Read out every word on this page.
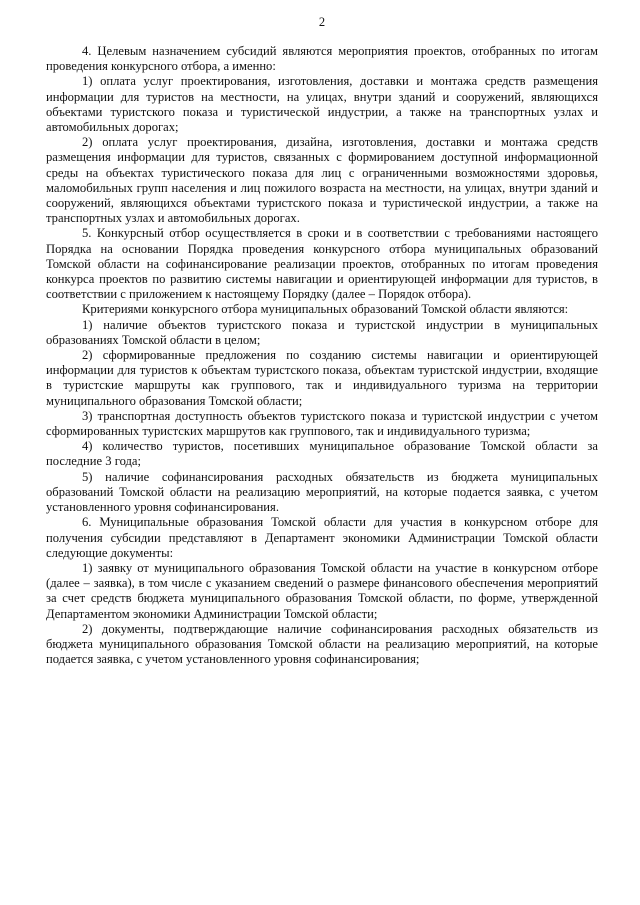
2

4. Целевым назначением субсидий являются мероприятия проектов, отобранных по итогам проведения конкурсного отбора, а именно:

1) оплата услуг проектирования, изготовления, доставки и монтажа средств размещения информации для туристов на местности, на улицах, внутри зданий и сооружений, являющихся объектами туристского показа и туристической индустрии, а также на транспортных узлах и автомобильных дорогах;

2) оплата услуг проектирования, дизайна, изготовления, доставки и монтажа средств размещения информации для туристов, связанных с формированием доступной информационной среды на объектах туристического показа для лиц с ограниченными возможностями здоровья, маломобильных групп населения и лиц пожилого возраста на местности, на улицах, внутри зданий и сооружений, являющихся объектами туристского показа и туристической индустрии, а также на транспортных узлах и автомобильных дорогах.

5. Конкурсный отбор осуществляется в сроки и в соответствии с требованиями настоящего Порядка на основании Порядка проведения конкурсного отбора муниципальных образований Томской области на софинансирование реализации проектов, отобранных по итогам проведения конкурса проектов по развитию системы навигации и ориентирующей информации для туристов, в соответствии с приложением к настоящему Порядку (далее – Порядок отбора).

Критериями конкурсного отбора муниципальных образований Томской области являются:

1) наличие объектов туристского показа и туристской индустрии в муниципальных образованиях Томской области в целом;

2) сформированные предложения по созданию системы навигации и ориентирующей информации для туристов к объектам туристского показа, объектам туристской индустрии, входящие в туристские маршруты как группового, так и индивидуального туризма на территории муниципального образования Томской области;

3) транспортная доступность объектов туристского показа и туристской индустрии с учетом сформированных туристских маршрутов как группового, так и индивидуального туризма;

4) количество туристов, посетивших муниципальное образование Томской области за последние 3 года;

5) наличие софинансирования расходных обязательств из бюджета муниципальных образований Томской области на реализацию мероприятий, на которые подается заявка, с учетом установленного уровня софинансирования.

6. Муниципальные образования Томской области для участия в конкурсном отборе для получения субсидии представляют в Департамент экономики Администрации Томской области следующие документы:

1) заявку от муниципального образования Томской области на участие в конкурсном отборе (далее – заявка), в том числе с указанием сведений о размере финансового обеспечения мероприятий за счет средств бюджета муниципального образования Томской области, по форме, утвержденной Департаментом экономики Администрации Томской области;

2) документы, подтверждающие наличие софинансирования расходных обязательств из бюджета муниципального образования Томской области на реализацию мероприятий, на которые подается заявка, с учетом установленного уровня софинансирования;
